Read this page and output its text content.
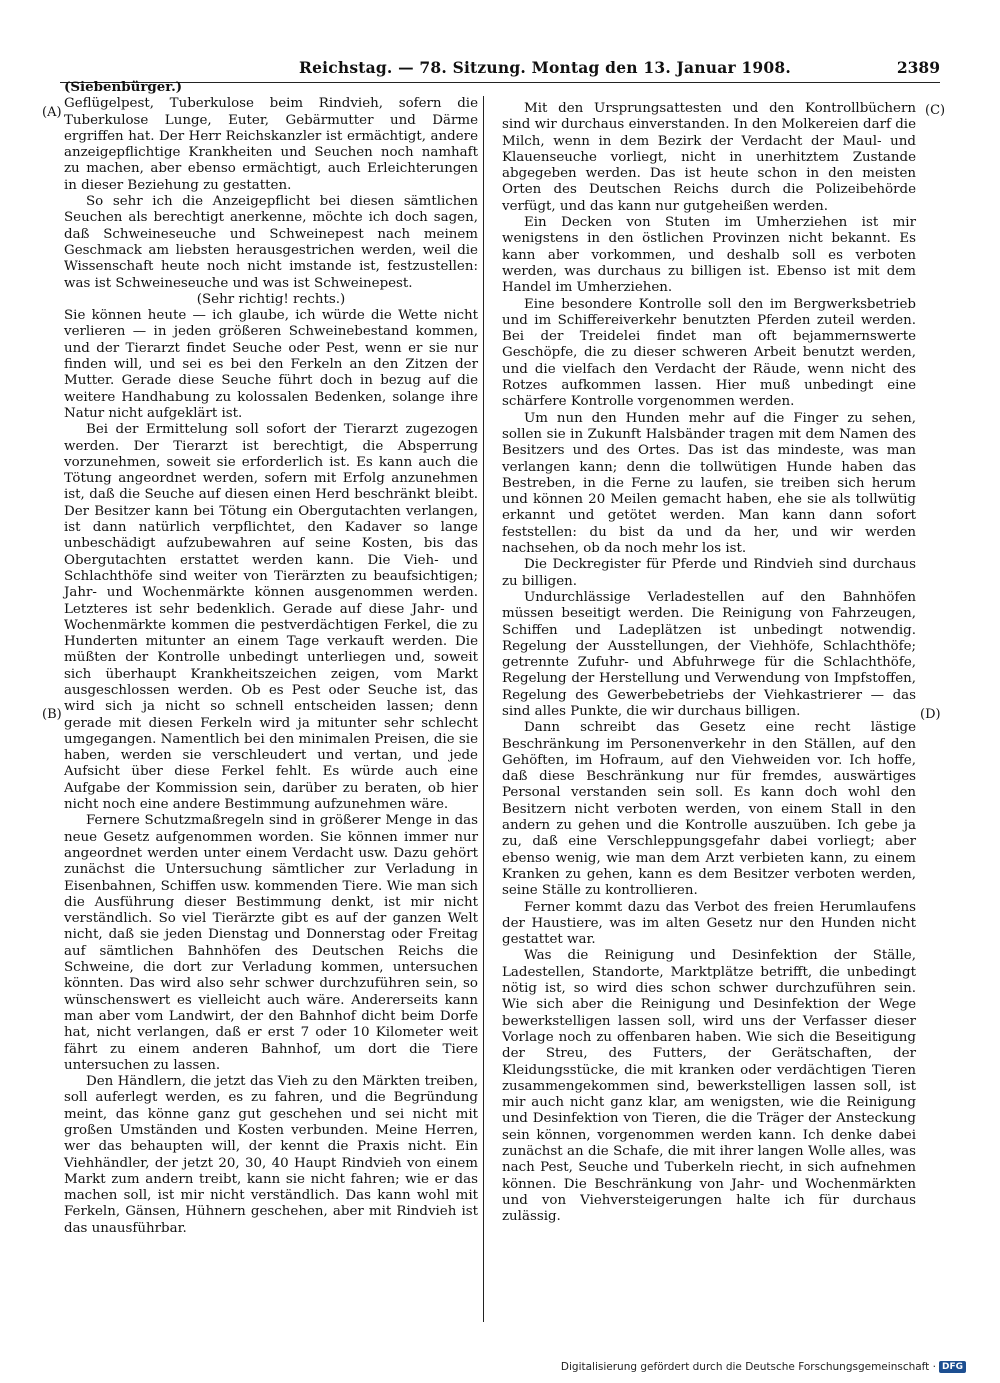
Reichstag. — 78. Sitzung. Montag den 13. Januar 1908.	2389
(A)
(B)
(C)
(D)

(Siebenbürger.)

Geflügelpest, Tuberkulose beim Rindvieh, sofern die Tuberkulose Lunge, Euter, Gebärmutter und Därme ergriffen hat. Der Herr Reichskanzler ist ermächtigt, andere anzeigepflichtige Krankheiten und Seuchen noch namhaft zu machen, aber ebenso ermächtigt, auch Erleichterungen in dieser Beziehung zu gestatten.

So sehr ich die Anzeigepflicht bei diesen sämtlichen Seuchen als berechtigt anerkenne, möchte ich doch sagen, daß Schweineseuche und Schweinepest nach meinem Geschmack am liebsten herausgestrichen werden, weil die Wissenschaft heute noch nicht imstande ist, festzustellen: was ist Schweineseuche und was ist Schweinepest.

(Sehr richtig! rechts.)

Sie können heute — ich glaube, ich würde die Wette nicht verlieren — in jeden größeren Schweinebestand kommen, und der Tierarzt findet Seuche oder Pest, wenn er sie nur finden will, und sei es bei den Ferkeln an den Zitzen der Mutter. Gerade diese Seuche führt doch in bezug auf die weitere Handhabung zu kolossalen Bedenken, solange ihre Natur nicht aufgeklärt ist.

Bei der Ermittelung soll sofort der Tierarzt zugezogen werden. Der Tierarzt ist berechtigt, die Absperrung vorzunehmen, soweit sie erforderlich ist. Es kann auch die Tötung angeordnet werden, sofern mit Erfolg anzunehmen ist, daß die Seuche auf diesen einen Herd beschränkt bleibt. Der Besitzer kann bei Tötung ein Obergutachten verlangen, ist dann natürlich verpflichtet, den Kadaver so lange unbeschädigt aufzubewahren auf seine Kosten, bis das Obergutachten erstattet werden kann. Die Vieh- und Schlachthöfe sind weiter von Tierärzten zu beaufsichtigen; Jahr- und Wochenmärkte können ausgenommen werden. Letzteres ist sehr bedenklich. Gerade auf diese Jahr- und Wochenmärkte kommen die pestverdächtigen Ferkel, die zu Hunderten mitunter an einem Tage verkauft werden. Die müßten der Kontrolle unbedingt unterliegen und, soweit sich überhaupt Krankheitszeichen zeigen, vom Markt ausgeschlossen werden. Ob es Pest oder Seuche ist, das wird sich ja nicht so schnell entscheiden lassen; denn gerade mit diesen Ferkeln wird ja mitunter sehr schlecht umgegangen. Namentlich bei den minimalen Preisen, die sie haben, werden sie verschleudert und vertan, und jede Aufsicht über diese Ferkel fehlt. Es würde auch eine Aufgabe der Kommission sein, darüber zu beraten, ob hier nicht noch eine andere Bestimmung aufzunehmen wäre.

Fernere Schutzmaßregeln sind in größerer Menge in das neue Gesetz aufgenommen worden. Sie können immer nur angeordnet werden unter einem Verdacht usw. Dazu gehört zunächst die Untersuchung sämtlicher zur Verladung in Eisenbahnen, Schiffen usw. kommenden Tiere. Wie man sich die Ausführung dieser Bestimmung denkt, ist mir nicht verständlich. So viel Tierärzte gibt es auf der ganzen Welt nicht, daß sie jeden Dienstag und Donnerstag oder Freitag auf sämtlichen Bahnhöfen des Deutschen Reichs die Schweine, die dort zur Verladung kommen, untersuchen könnten. Das wird also sehr schwer durchzuführen sein, so wünschenswert es vielleicht auch wäre. Andererseits kann man aber vom Landwirt, der den Bahnhof dicht beim Dorfe hat, nicht verlangen, daß er erst 7 oder 10 Kilometer weit fährt zu einem anderen Bahnhof, um dort die Tiere untersuchen zu lassen.

Den Händlern, die jetzt das Vieh zu den Märkten treiben, soll auferlegt werden, es zu fahren, und die Begründung meint, das könne ganz gut geschehen und sei nicht mit großen Umständen und Kosten verbunden. Meine Herren, wer das behaupten will, der kennt die Praxis nicht. Ein Viehhändler, der jetzt 20, 30, 40 Haupt Rindvieh von einem Markt zum andern treibt, kann sie nicht fahren; wie er das machen soll, ist mir nicht verständlich. Das kann wohl mit Ferkeln, Gänsen, Hühnern geschehen, aber mit Rindvieh ist das unausführbar.

Mit den Ursprungsattesten und den Kontrollbüchern sind wir durchaus einverstanden. In den Molkereien darf die Milch, wenn in dem Bezirk der Verdacht der Maul- und Klauenseuche vorliegt, nicht in unerhitztem Zustande abgegeben werden. Das ist heute schon in den meisten Orten des Deutschen Reichs durch die Polizeibehörde verfügt, und das kann nur gutgeheißen werden.

Ein Decken von Stuten im Umherziehen ist mir wenigstens in den östlichen Provinzen nicht bekannt. Es kann aber vorkommen, und deshalb soll es verboten werden, was durchaus zu billigen ist. Ebenso ist mit dem Handel im Umherziehen.

Eine besondere Kontrolle soll den im Bergwerksbetrieb und im Schiffereiverkehr benutzten Pferden zuteil werden. Bei der Treidelei findet man oft bejammernswerte Geschöpfe, die zu dieser schweren Arbeit benutzt werden, und die vielfach den Verdacht der Räude, wenn nicht des Rotzes aufkommen lassen. Hier muß unbedingt eine schärfere Kontrolle vorgenommen werden.

Um nun den Hunden mehr auf die Finger zu sehen, sollen sie in Zukunft Halsbänder tragen mit dem Namen des Besitzers und des Ortes. Das ist das mindeste, was man verlangen kann; denn die tollwütigen Hunde haben das Bestreben, in die Ferne zu laufen, sie treiben sich herum und können 20 Meilen gemacht haben, ehe sie als tollwütig erkannt und getötet werden. Man kann dann sofort feststellen: du bist da und da her, und wir werden nachsehen, ob da noch mehr los ist.

Die Deckregister für Pferde und Rindvieh sind durchaus zu billigen.

Undurchlässige Verladestellen auf den Bahnhöfen müssen beseitigt werden. Die Reinigung von Fahrzeugen, Schiffen und Ladeplätzen ist unbedingt notwendig. Regelung der Ausstellungen, der Viehhöfe, Schlachthöfe; getrennte Zufuhr- und Abfuhrwege für die Schlachthöfe, Regelung der Herstellung und Verwendung von Impfstoffen, Regelung des Gewerbebetriebs der Viehkastrierer — das sind alles Punkte, die wir durchaus billigen.

Dann schreibt das Gesetz eine recht lästige Beschränkung im Personenverkehr in den Ställen, auf den Gehöften, im Hofraum, auf den Viehweiden vor. Ich hoffe, daß diese Beschränkung nur für fremdes, auswärtiges Personal verstanden sein soll. Es kann doch wohl den Besitzern nicht verboten werden, von einem Stall in den andern zu gehen und die Kontrolle auszuüben. Ich gebe ja zu, daß eine Verschleppungsgefahr dabei vorliegt; aber ebenso wenig, wie man dem Arzt verbieten kann, zu einem Kranken zu gehen, kann es dem Besitzer verboten werden, seine Ställe zu kontrollieren.

Ferner kommt dazu das Verbot des freien Herumlaufens der Haustiere, was im alten Gesetz nur den Hunden nicht gestattet war.

Was die Reinigung und Desinfektion der Ställe, Ladestellen, Standorte, Marktplätze betrifft, die unbedingt nötig ist, so wird dies schon schwer durchzuführen sein. Wie sich aber die Reinigung und Desinfektion der Wege bewerkstelligen lassen soll, wird uns der Verfasser dieser Vorlage noch zu offenbaren haben. Wie sich die Beseitigung der Streu, des Futters, der Gerätschaften, der Kleidungsstücke, die mit kranken oder verdächtigen Tieren zusammengekommen sind, bewerkstelligen lassen soll, ist mir auch nicht ganz klar, am wenigsten, wie die Reinigung und Desinfektion von Tieren, die die Träger der Ansteckung sein können, vorgenommen werden kann. Ich denke dabei zunächst an die Schafe, die mit ihrer langen Wolle alles, was nach Pest, Seuche und Tuberkeln riecht, in sich aufnehmen können. Die Beschränkung von Jahr- und Wochenmärkten und von Viehversteigerungen halte ich für durchaus zulässig.

Digitalisierung gefördert durch die Deutsche Forschungsgemeinschaft · DFG
